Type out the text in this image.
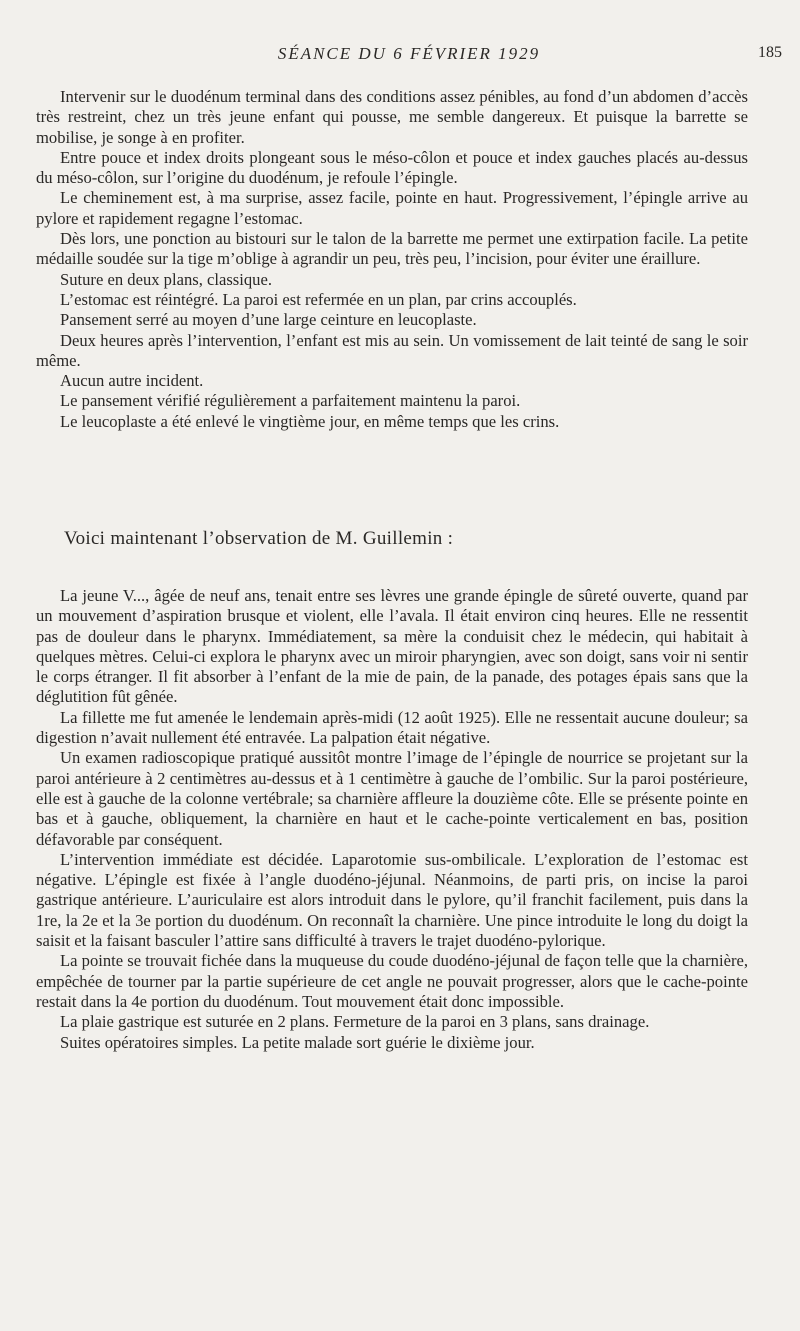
SÉANCE DU 6 FÉVRIER 1929	185

Intervenir sur le duodénum terminal dans des conditions assez pénibles, au fond d’un abdomen d’accès très restreint, chez un très jeune enfant qui pousse, me semble dangereux. Et puisque la barrette se mobilise, je songe à en profiter.

Entre pouce et index droits plongeant sous le méso-côlon et pouce et index gauches placés au-dessus du méso-côlon, sur l’origine du duodénum, je refoule l’épingle.

Le cheminement est, à ma surprise, assez facile, pointe en haut. Progressivement, l’épingle arrive au pylore et rapidement regagne l’estomac.

Dès lors, une ponction au bistouri sur le talon de la barrette me permet une extirpation facile. La petite médaille soudée sur la tige m’oblige à agrandir un peu, très peu, l’incision, pour éviter une éraillure.

Suture en deux plans, classique.

L’estomac est réintégré. La paroi est refermée en un plan, par crins accouplés.

Pansement serré au moyen d’une large ceinture en leucoplaste.

Deux heures après l’intervention, l’enfant est mis au sein. Un vomissement de lait teinté de sang le soir même.

Aucun autre incident.

Le pansement vérifié régulièrement a parfaitement maintenu la paroi.

Le leucoplaste a été enlevé le vingtième jour, en même temps que les crins.

Voici maintenant l’observation de M. Guillemin :

La jeune V..., âgée de neuf ans, tenait entre ses lèvres une grande épingle de sûreté ouverte, quand par un mouvement d’aspiration brusque et violent, elle l’avala. Il était environ cinq heures. Elle ne ressentit pas de douleur dans le pharynx. Immédiatement, sa mère la conduisit chez le médecin, qui habitait à quelques mètres. Celui-ci explora le pharynx avec un miroir pharyngien, avec son doigt, sans voir ni sentir le corps étranger. Il fit absorber à l’enfant de la mie de pain, de la panade, des potages épais sans que la déglutition fût gênée.

La fillette me fut amenée le lendemain après-midi (12 août 1925). Elle ne ressentait aucune douleur; sa digestion n’avait nullement été entravée. La palpation était négative.

Un examen radioscopique pratiqué aussitôt montre l’image de l’épingle de nourrice se projetant sur la paroi antérieure à 2 centimètres au-dessus et à 1 centimètre à gauche de l’ombilic. Sur la paroi postérieure, elle est à gauche de la colonne vertébrale; sa charnière affleure la douzième côte. Elle se présente pointe en bas et à gauche, obliquement, la charnière en haut et le cache-pointe verticalement en bas, position défavorable par conséquent.

L’intervention immédiate est décidée. Laparotomie sus-ombilicale. L’exploration de l’estomac est négative. L’épingle est fixée à l’angle duodéno-jéjunal. Néanmoins, de parti pris, on incise la paroi gastrique antérieure. L’auriculaire est alors introduit dans le pylore, qu’il franchit facilement, puis dans la 1re, la 2e et la 3e portion du duodénum. On reconnaît la charnière. Une pince introduite le long du doigt la saisit et la faisant basculer l’attire sans difficulté à travers le trajet duodéno-pylorique.

La pointe se trouvait fichée dans la muqueuse du coude duodéno-jéjunal de façon telle que la charnière, empêchée de tourner par la partie supérieure de cet angle ne pouvait progresser, alors que le cache-pointe restait dans la 4e portion du duodénum. Tout mouvement était donc impossible.

La plaie gastrique est suturée en 2 plans. Fermeture de la paroi en 3 plans, sans drainage.

Suites opératoires simples. La petite malade sort guérie le dixième jour.
